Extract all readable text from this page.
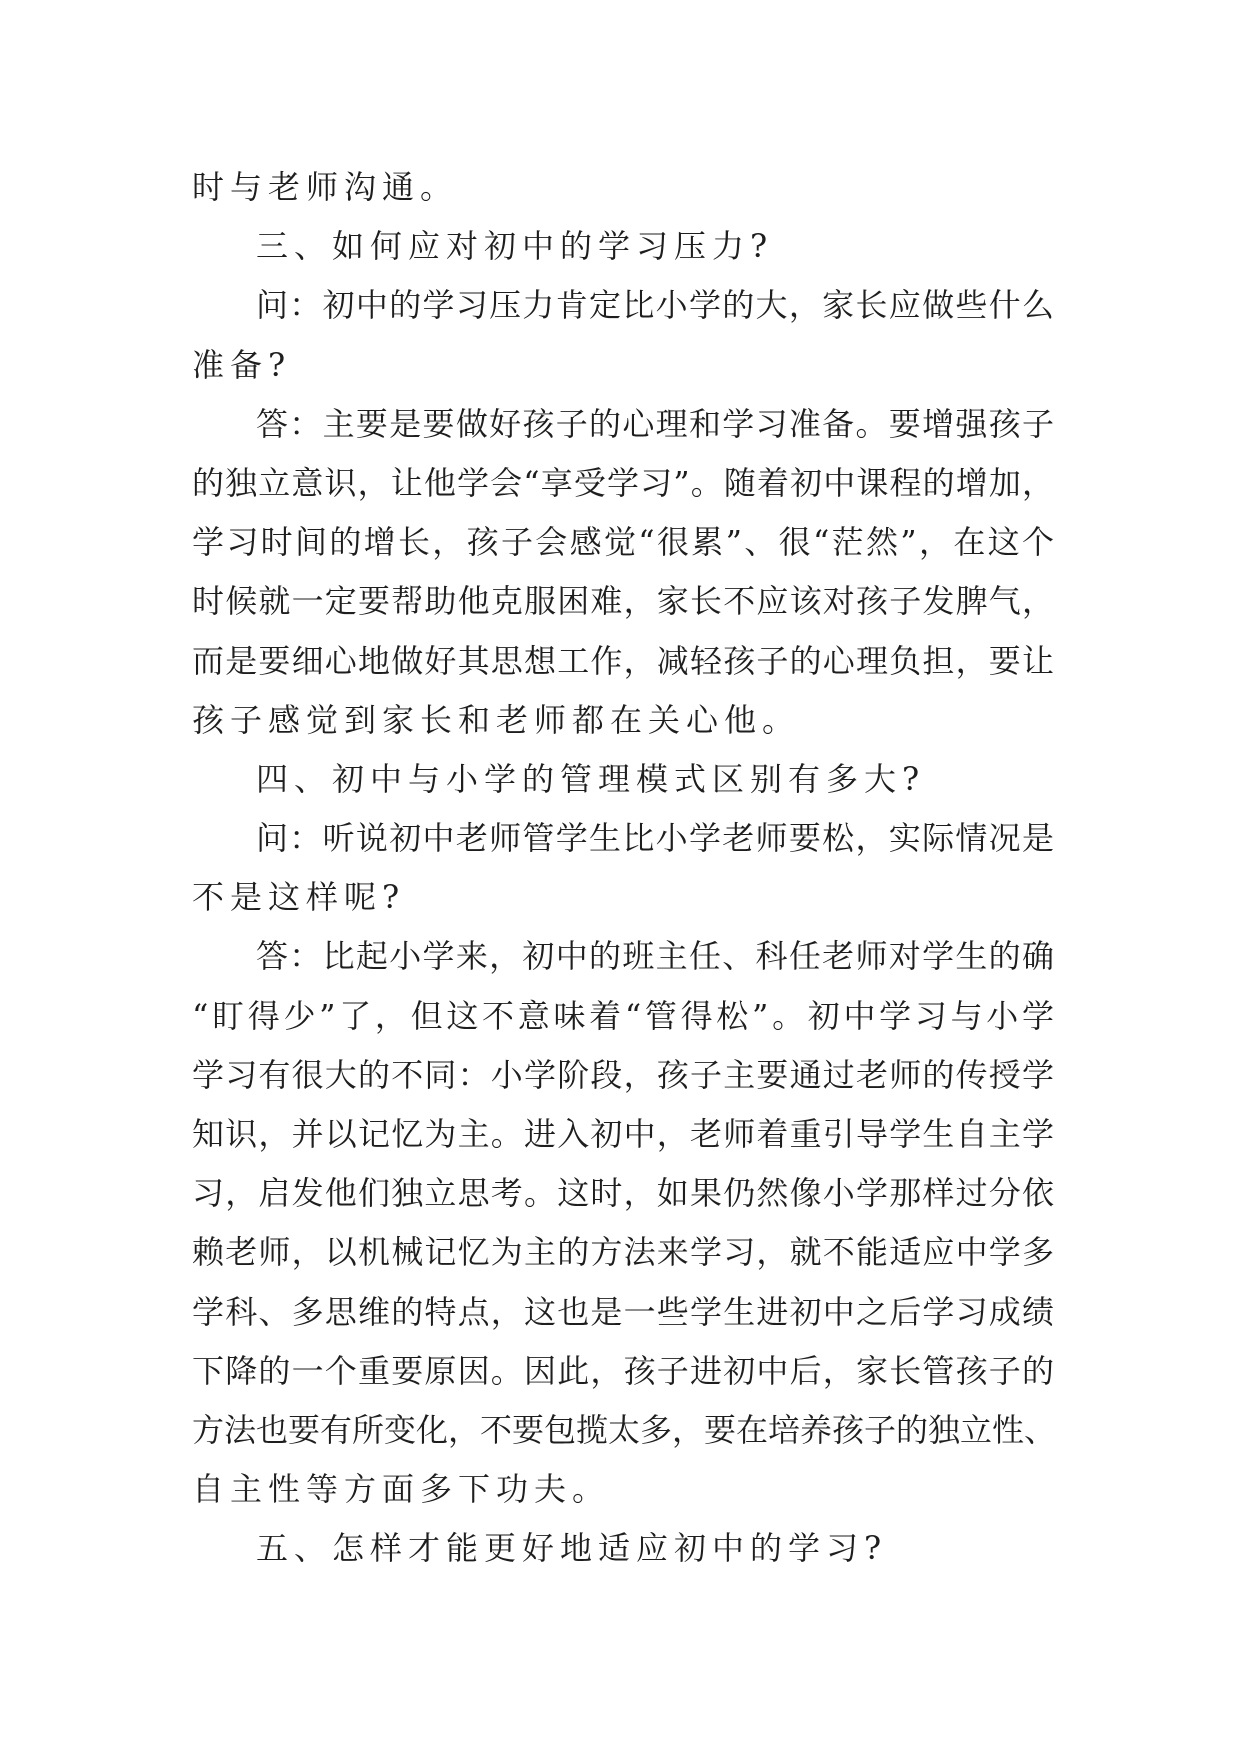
时与老师沟通。
三、如何应对初中的学习压力?
问：初中的学习压力肯定比小学的大，家长应做些什么
准备?
答：主要是要做好孩子的心理和学习准备。要增强孩子
的独立意识，让他学会“享受学习”。随着初中课程的增加，
学习时间的增长，孩子会感觉“很累”、很“茫然”，在这个
时候就一定要帮助他克服困难，家长不应该对孩子发脾气，
而是要细心地做好其思想工作，减轻孩子的心理负担，要让
孩子感觉到家长和老师都在关心他。
四、初中与小学的管理模式区别有多大?
问：听说初中老师管学生比小学老师要松，实际情况是
不是这样呢?
答：比起小学来，初中的班主任、科任老师对学生的确
“盯得少”了，但这不意味着“管得松”。初中学习与小学
学习有很大的不同：小学阶段，孩子主要通过老师的传授学
知识，并以记忆为主。进入初中，老师着重引导学生自主学
习，启发他们独立思考。这时，如果仍然像小学那样过分依
赖老师，以机械记忆为主的方法来学习，就不能适应中学多
学科、多思维的特点，这也是一些学生进初中之后学习成绩
下降的一个重要原因。因此，孩子进初中后，家长管孩子的
方法也要有所变化，不要包揽太多，要在培养孩子的独立性、
自主性等方面多下功夫。
五、怎样才能更好地适应初中的学习?
